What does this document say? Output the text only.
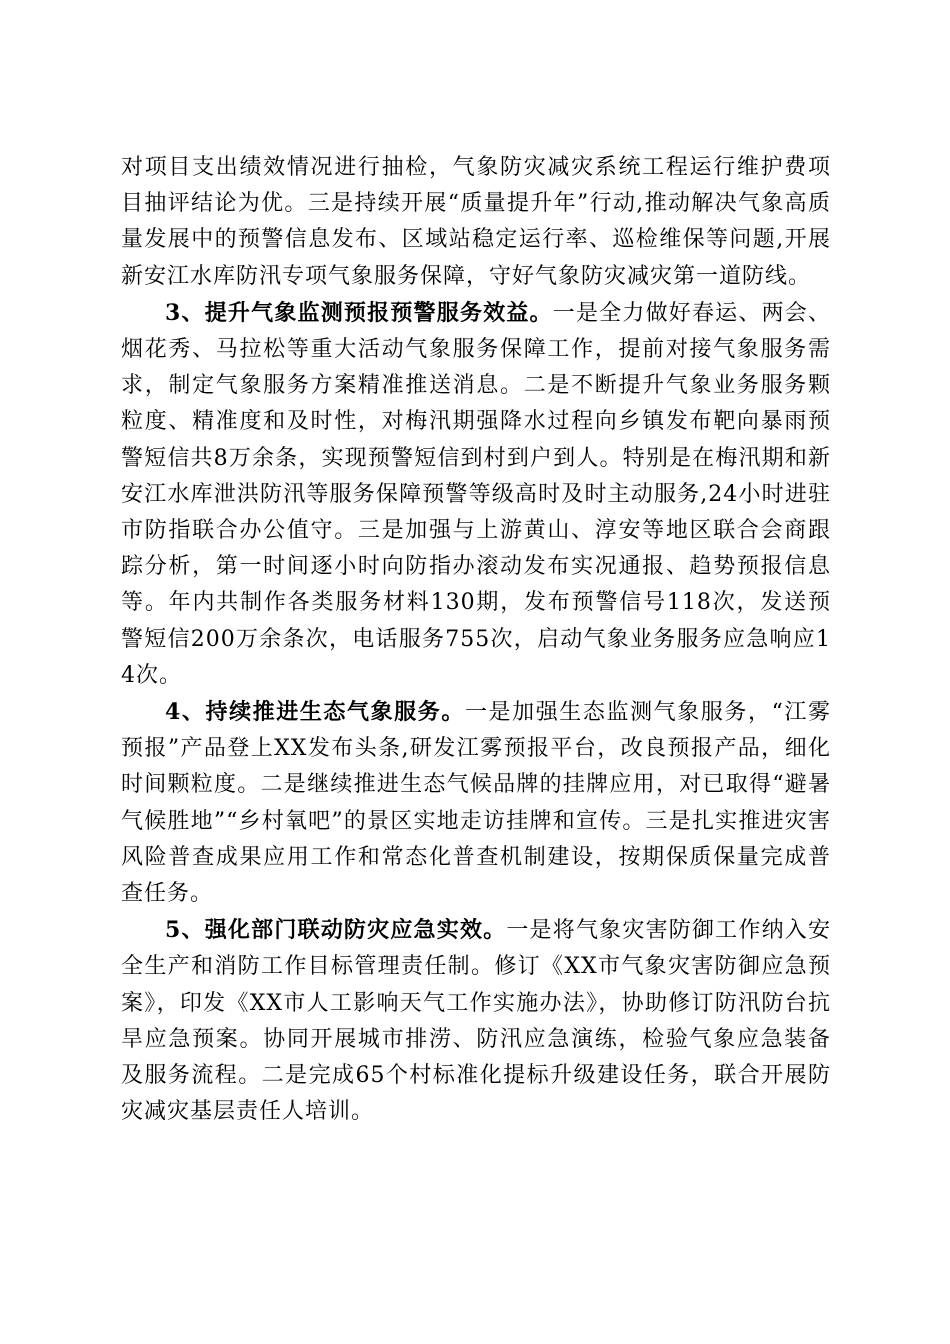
对项目支出绩效情况进行抽检，气象防灾减灾系统工程运行维护费项目抽评结论为优。三是持续开展“质量提升年”行动,推动解决气象高质量发展中的预警信息发布、区域站稳定运行率、巡检维保等问题,开展新安江水库防汛专项气象服务保障，守好气象防灾减灾第一道防线。

3、提升气象监测预报预警服务效益。一是全力做好春运、两会、烟花秀、马拉松等重大活动气象服务保障工作，提前对接气象服务需求，制定气象服务方案精准推送消息。二是不断提升气象业务服务颗粒度、精准度和及时性，对梅汛期强降水过程向乡镇发布靶向暴雨预警短信共8万余条，实现预警短信到村到户到人。特别是在梅汛期和新安江水库泄洪防汛等服务保障预警等级高时及时主动服务,24小时进驻市防指联合办公值守。三是加强与上游黄山、淳安等地区联合会商跟踪分析，第一时间逐小时向防指办滚动发布实况通报、趋势预报信息等。年内共制作各类服务材料130期，发布预警信号118次，发送预警短信200万余条次，电话服务755次，启动气象业务服务应急响应14次。

4、持续推进生态气象服务。一是加强生态监测气象服务，“江雾预报”产品登上XX发布头条,研发江雾预报平台，改良预报产品，细化时间颗粒度。二是继续推进生态气候品牌的挂牌应用，对已取得“避暑气候胜地”“乡村氧吧”的景区实地走访挂牌和宣传。三是扎实推进灾害风险普查成果应用工作和常态化普查机制建设，按期保质保量完成普查任务。

5、强化部门联动防灾应急实效。一是将气象灾害防御工作纳入安全生产和消防工作目标管理责任制。修订《XX市气象灾害防御应急预案》，印发《XX市人工影响天气工作实施办法》，协助修订防汛防台抗旱应急预案。协同开展城市排涝、防汛应急演练，检验气象应急装备及服务流程。二是完成65个村标准化提标升级建设任务，联合开展防灾减灾基层责任人培训。
